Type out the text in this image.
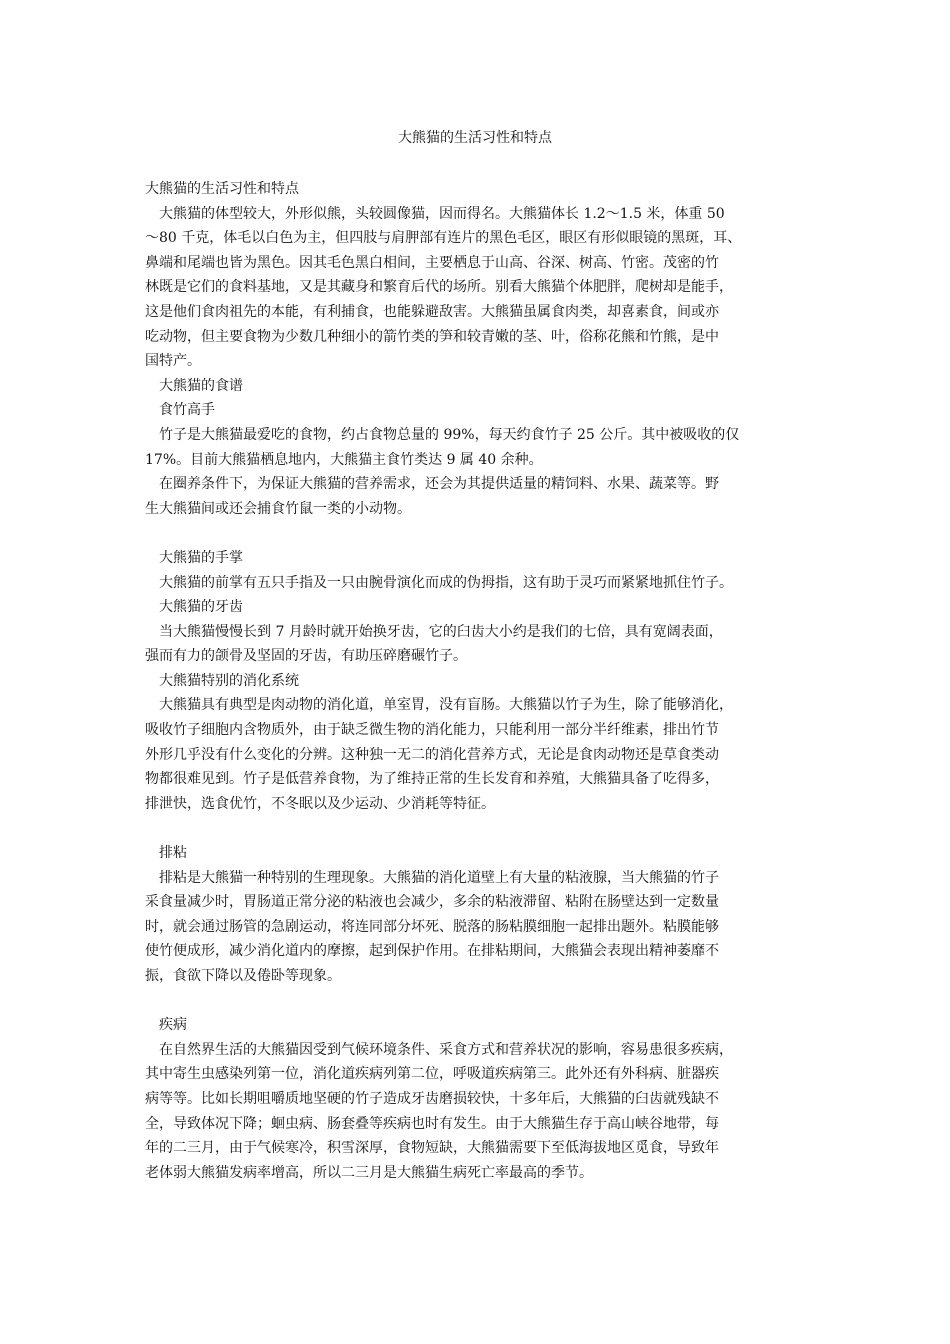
大熊猫的生活习性和特点
大熊猫的生活习性和特点
大熊猫的体型较大，外形似熊，头较圆像猫，因而得名。大熊猫体长 1.2～1.5 米，体重 50
～80 千克，体毛以白色为主，但四肢与肩胛部有连片的黑色毛区，眼区有形似眼镜的黑斑，耳、
鼻端和尾端也皆为黑色。因其毛色黑白相间，主要栖息于山高、谷深、树高、竹密。茂密的竹
林既是它们的食料基地，又是其藏身和繁育后代的场所。别看大熊猫个体肥胖，爬树却是能手，
这是他们食肉祖先的本能，有利捕食，也能躲避敌害。大熊猫虽属食肉类，却喜素食，间或亦
吃动物，但主要食物为少数几种细小的箭竹类的笋和较青嫩的茎、叶，俗称花熊和竹熊，是中
国特产。
大熊猫的食谱
食竹高手
竹子是大熊猫最爱吃的食物，约占食物总量的 99%，每天约食竹子 25 公斤。其中被吸收的仅
17%。目前大熊猫栖息地内，大熊猫主食竹类达 9 属 40 余种。
在圈养条件下，为保证大熊猫的营养需求，还会为其提供适量的精饲料、水果、蔬菜等。野
生大熊猫间或还会捕食竹鼠一类的小动物。
大熊猫的手掌
大熊猫的前掌有五只手指及一只由腕骨演化而成的伪拇指，这有助于灵巧而紧紧地抓住竹子。
大熊猫的牙齿
当大熊猫慢慢长到 7 月龄时就开始换牙齿，它的臼齿大小约是我们的七倍，具有宽阔表面，
强而有力的颌骨及坚固的牙齿，有助压碎磨碾竹子。
大熊猫特别的消化系统
大熊猫具有典型是肉动物的消化道，单室胃，没有盲肠。大熊猫以竹子为生，除了能够消化，
吸收竹子细胞内含物质外，由于缺乏微生物的消化能力，只能利用一部分半纤维素，排出竹节
外形几乎没有什么变化的分辨。这种独一无二的消化营养方式，无论是食肉动物还是草食类动
物都很难见到。竹子是低营养食物，为了维持正常的生长发育和养殖，大熊猫具备了吃得多，
排泄快，选食优竹，不冬眠以及少运动、少消耗等特征。
排粘
排粘是大熊猫一种特别的生理现象。大熊猫的消化道壁上有大量的粘液腺，当大熊猫的竹子
采食量减少时，胃肠道正常分泌的粘液也会减少，多余的粘液滞留、粘附在肠壁达到一定数量
时，就会通过肠管的急剧运动，将连同部分坏死、脱落的肠粘膜细胞一起排出题外。粘膜能够
使竹便成形，减少消化道内的摩擦，起到保护作用。在排粘期间，大熊猫会表现出精神萎靡不
振，食欲下降以及倦卧等现象。
疾病
在自然界生活的大熊猫因受到气候环境条件、采食方式和营养状况的影响，容易患很多疾病，
其中寄生虫感染列第一位，消化道疾病列第二位，呼吸道疾病第三。此外还有外科病、脏器疾
病等等。比如长期咀嚼质地坚硬的竹子造成牙齿磨损较快，十多年后，大熊猫的臼齿就残缺不
全，导致体况下降；蛔虫病、肠套叠等疾病也时有发生。由于大熊猫生存于高山峡谷地带，每
年的二三月，由于气候寒冷，积雪深厚，食物短缺，大熊猫需要下至低海拔地区觅食，导致年
老体弱大熊猫发病率增高，所以二三月是大熊猫生病死亡率最高的季节。
